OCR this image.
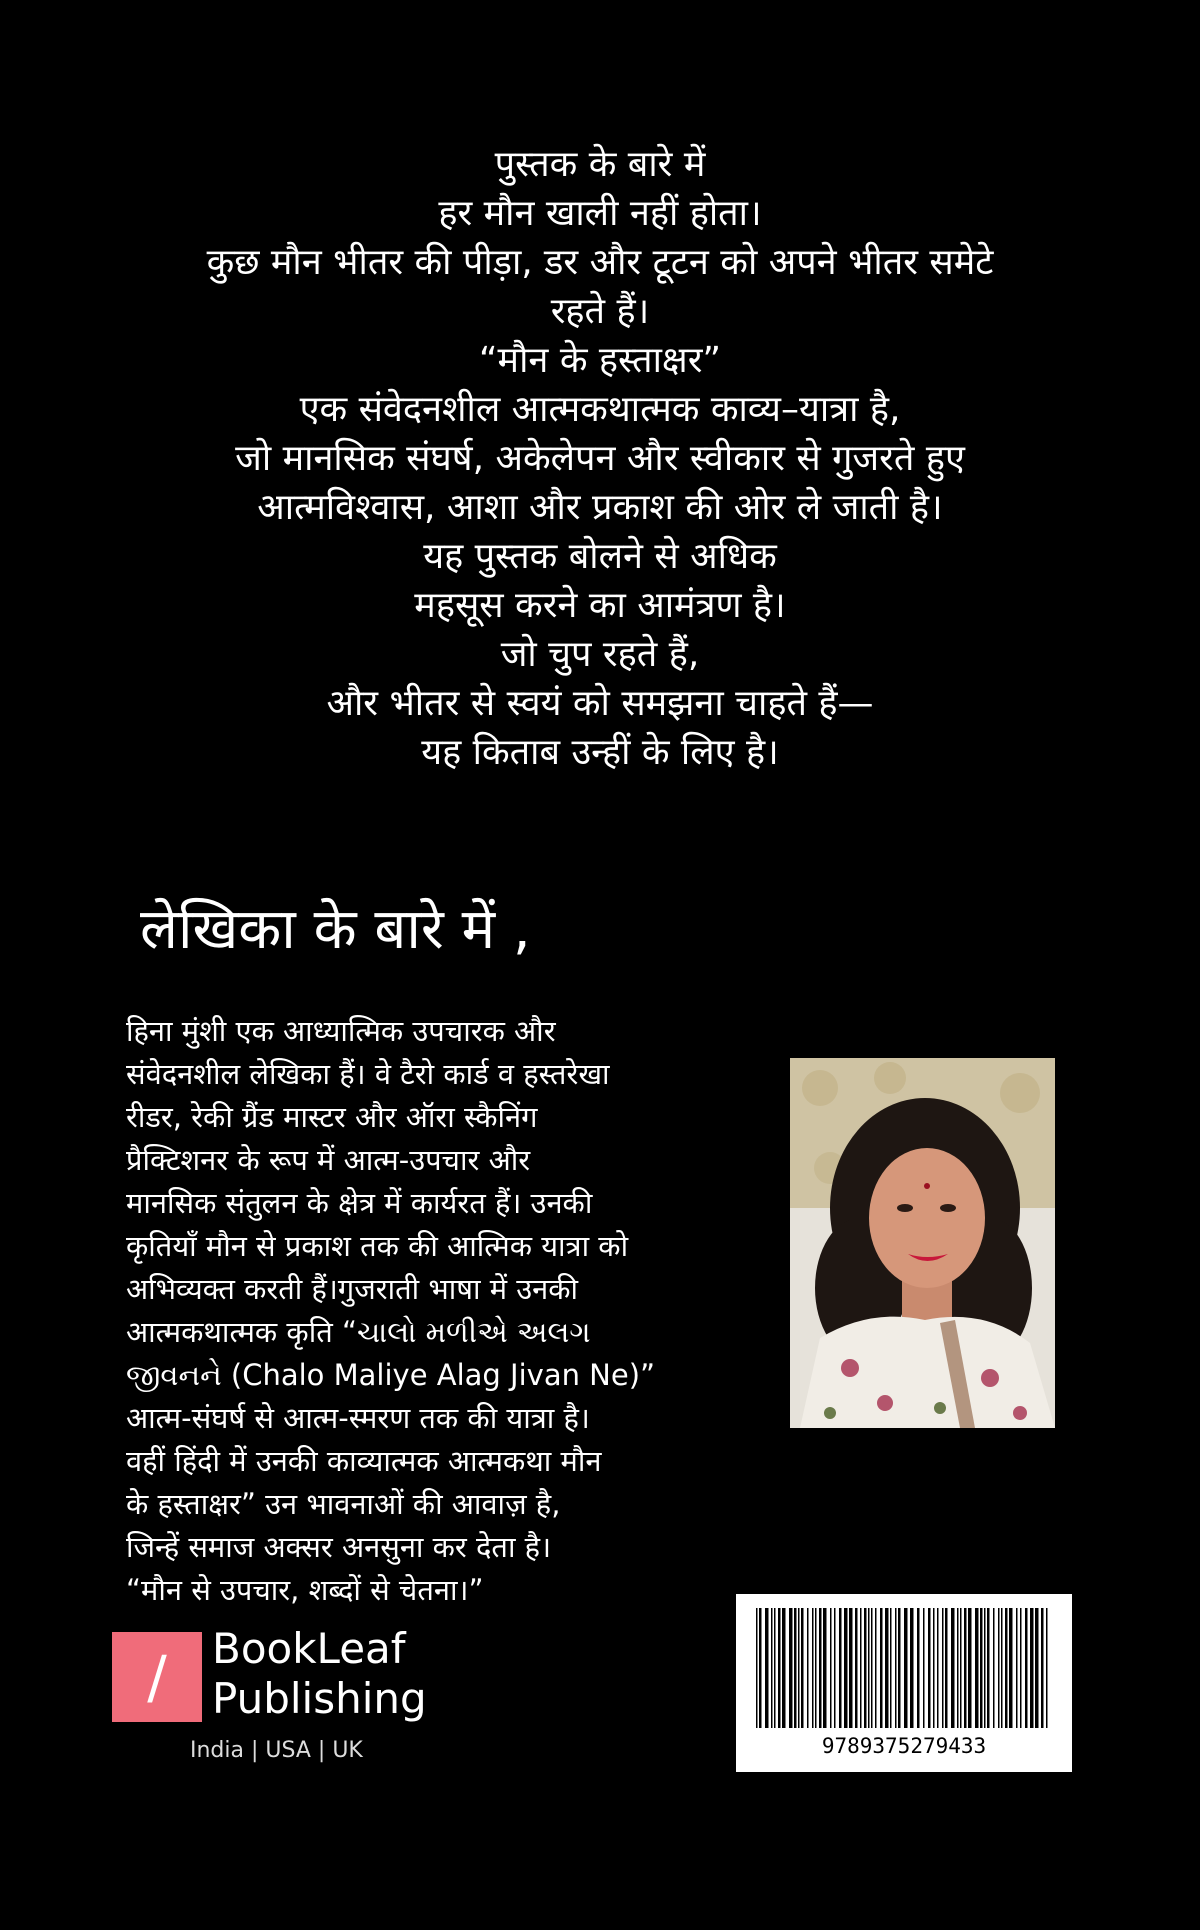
पुस्तक के बारे में
हर मौन खाली नहीं होता।
कुछ मौन भीतर की पीड़ा, डर और टूटन को अपने भीतर समेटे
रहते हैं।
“मौन के हस्ताक्षर”
एक संवेदनशील आत्मकथात्मक काव्य–यात्रा है,
जो मानसिक संघर्ष, अकेलेपन और स्वीकार से गुजरते हुए
आत्मविश्वास, आशा और प्रकाश की ओर ले जाती है।
यह पुस्तक बोलने से अधिक
महसूस करने का आमंत्रण है।
जो चुप रहते हैं,
और भीतर से स्वयं को समझना चाहते हैं—
यह किताब उन्हीं के लिए है।
लेखिका के बारे में ,
हिना मुंशी एक आध्यात्मिक उपचारक और
संवेदनशील लेखिका हैं। वे टैरो कार्ड व हस्तरेखा
रीडर, रेकी ग्रैंड मास्टर और ऑरा स्कैनिंग
प्रैक्टिशनर के रूप में आत्म-उपचार और
मानसिक संतुलन के क्षेत्र में कार्यरत हैं। उनकी
कृतियाँ मौन से प्रकाश तक की आत्मिक यात्रा को
अभिव्यक्त करती हैं।गुजराती भाषा में उनकी
आत्मकथात्मक कृति “ચાલો મળીએ અલગ
જીવનને (Chalo Maliye Alag Jivan Ne)”
आत्म-संघर्ष से आत्म-स्मरण तक की यात्रा है।
वहीं हिंदी में उनकी काव्यात्मक आत्मकथा मौन
के हस्ताक्षर” उन भावनाओं की आवाज़ है,
जिन्हें समाज अक्सर अनसुना कर देता है।
“मौन से उपचार, शब्दों से चेतना।”
/	BookLeaf
Publishing
India | USA | UK	9789375279433
